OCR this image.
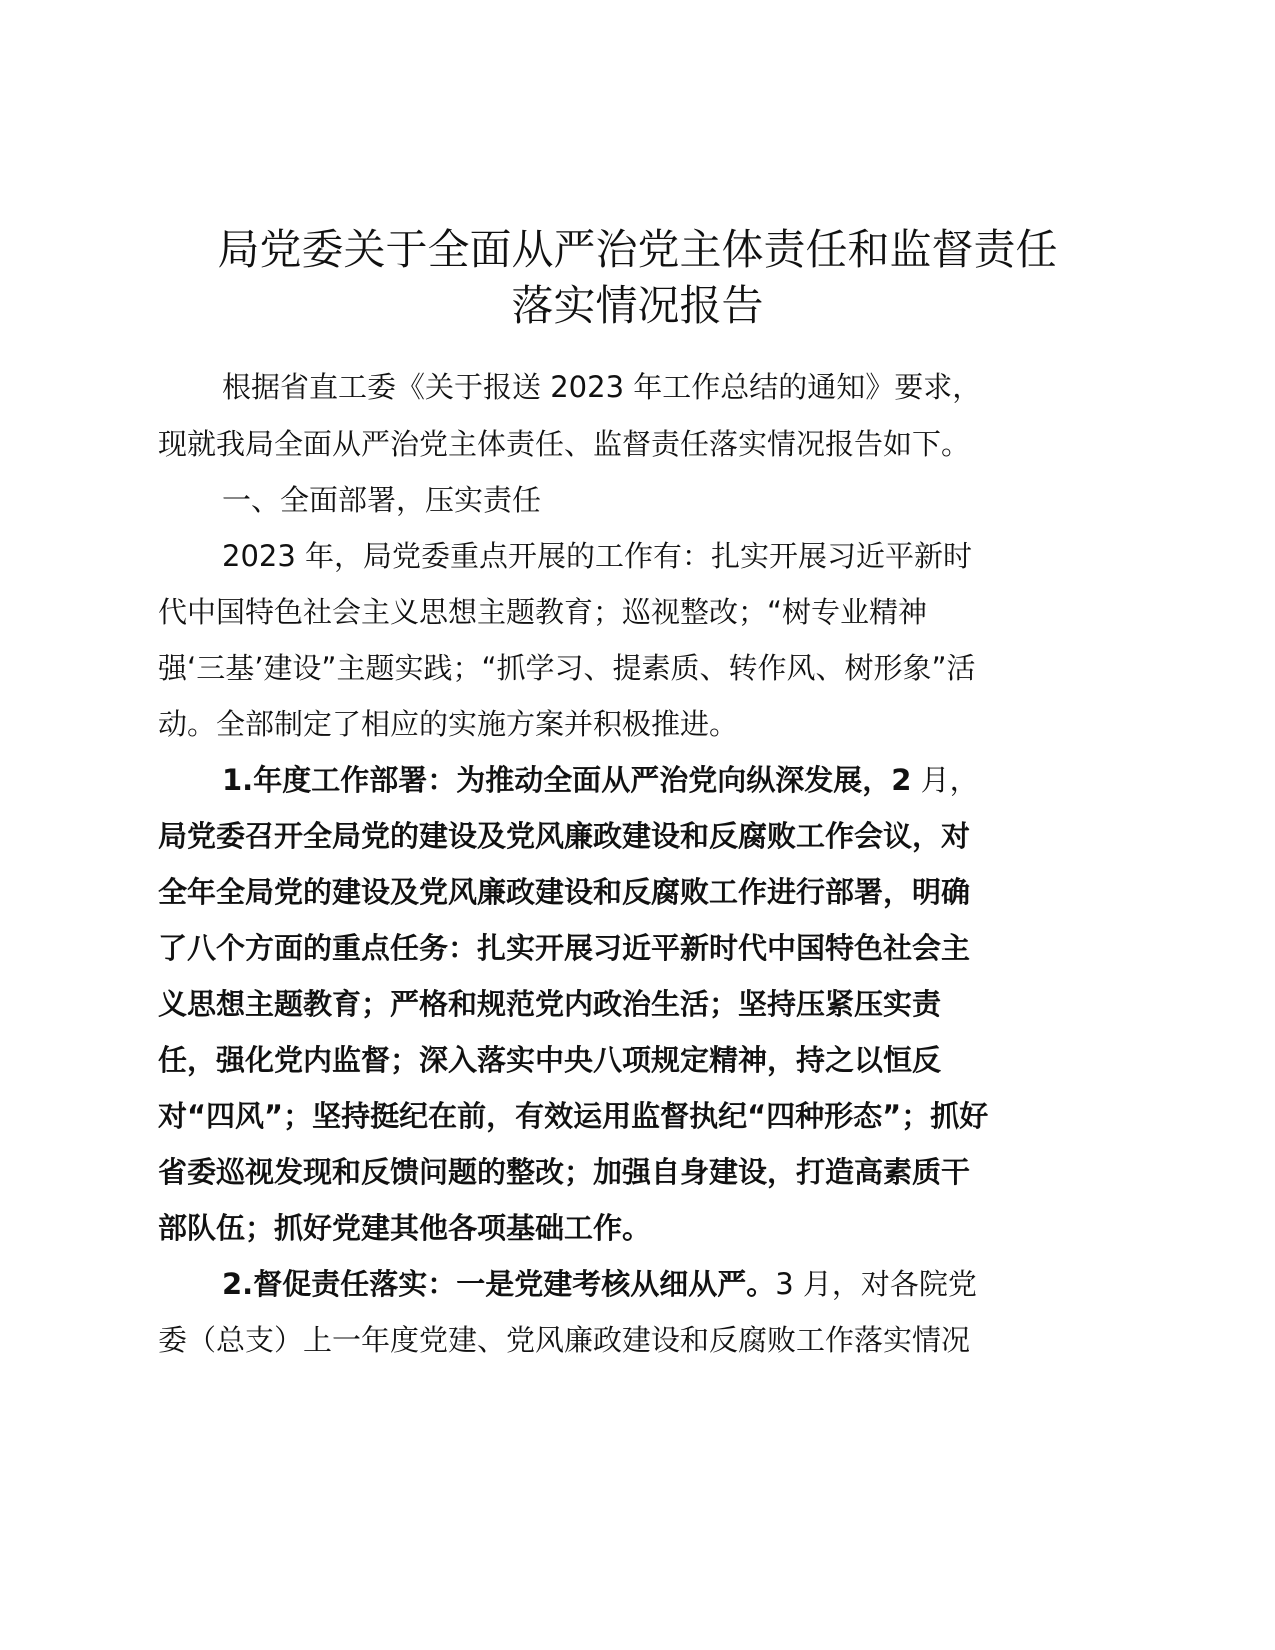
局党委关于全面从严治党主体责任和监督责任
落实情况报告
根据省直工委《关于报送 2023 年工作总结的通知》要求，
现就我局全面从严治党主体责任、监督责任落实情况报告如下。
一、全面部署，压实责任
2023 年，局党委重点开展的工作有：扎实开展习近平新时
代中国特色社会主义思想主题教育；巡视整改；“树专业精神
强‘三基’建设”主题实践；“抓学习、提素质、转作风、树形象”活
动。全部制定了相应的实施方案并积极推进。
1.年度工作部署：为推动全面从严治党向纵深发展，2 月，
局党委召开全局党的建设及党风廉政建设和反腐败工作会议，对
全年全局党的建设及党风廉政建设和反腐败工作进行部署，明确
了八个方面的重点任务：扎实开展习近平新时代中国特色社会主
义思想主题教育；严格和规范党内政治生活；坚持压紧压实责
任，强化党内监督；深入落实中央八项规定精神，持之以恒反
对“四风”；坚持挺纪在前，有效运用监督执纪“四种形态”；抓好
省委巡视发现和反馈问题的整改；加强自身建设，打造高素质干
部队伍；抓好党建其他各项基础工作。
2.督促责任落实：一是党建考核从细从严。3 月，对各院党
委（总支）上一年度党建、党风廉政建设和反腐败工作落实情况
